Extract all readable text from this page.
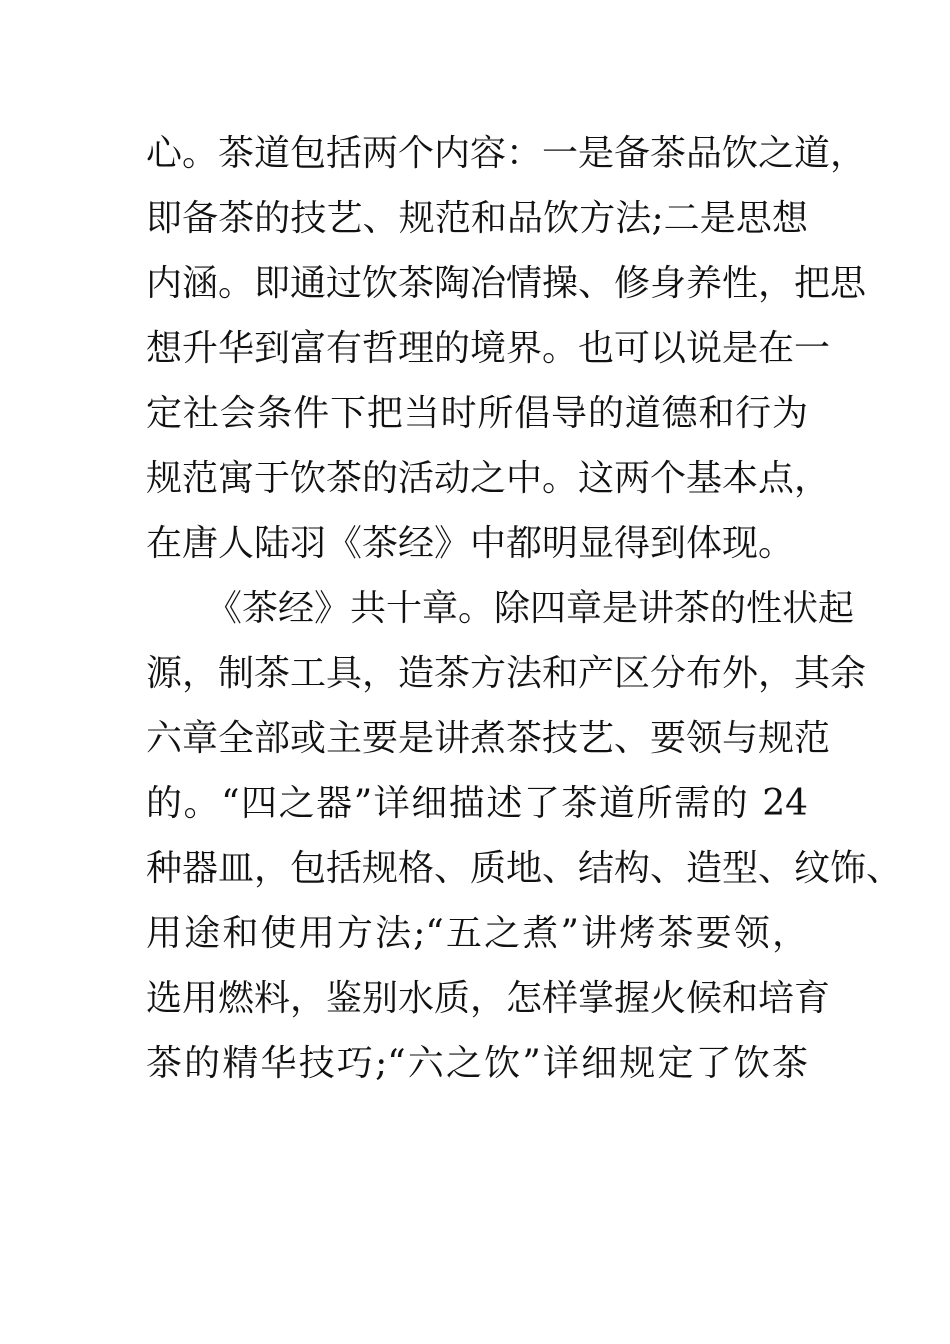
心。茶道包括两个内容：一是备茶品饮之道，
即备茶的技艺、规范和品饮方法;二是思想
内涵。即通过饮茶陶冶情操、修身养性，把思
想升华到富有哲理的境界。也可以说是在一
定社会条件下把当时所倡导的道德和行为
规范寓于饮茶的活动之中。这两个基本点，
在唐人陆羽《茶经》中都明显得到体现。
《茶经》共十章。除四章是讲茶的性状起
源，制茶工具，造茶方法和产区分布外，其余
六章全部或主要是讲煮茶技艺、要领与规范
的。“四之器”详细描述了茶道所需的 24
种器皿，包括规格、质地、结构、造型、纹饰、
用途和使用方法;“五之煮”讲烤茶要领，
选用燃料，鉴别水质，怎样掌握火候和培育
茶的精华技巧;“六之饮”详细规定了饮茶
